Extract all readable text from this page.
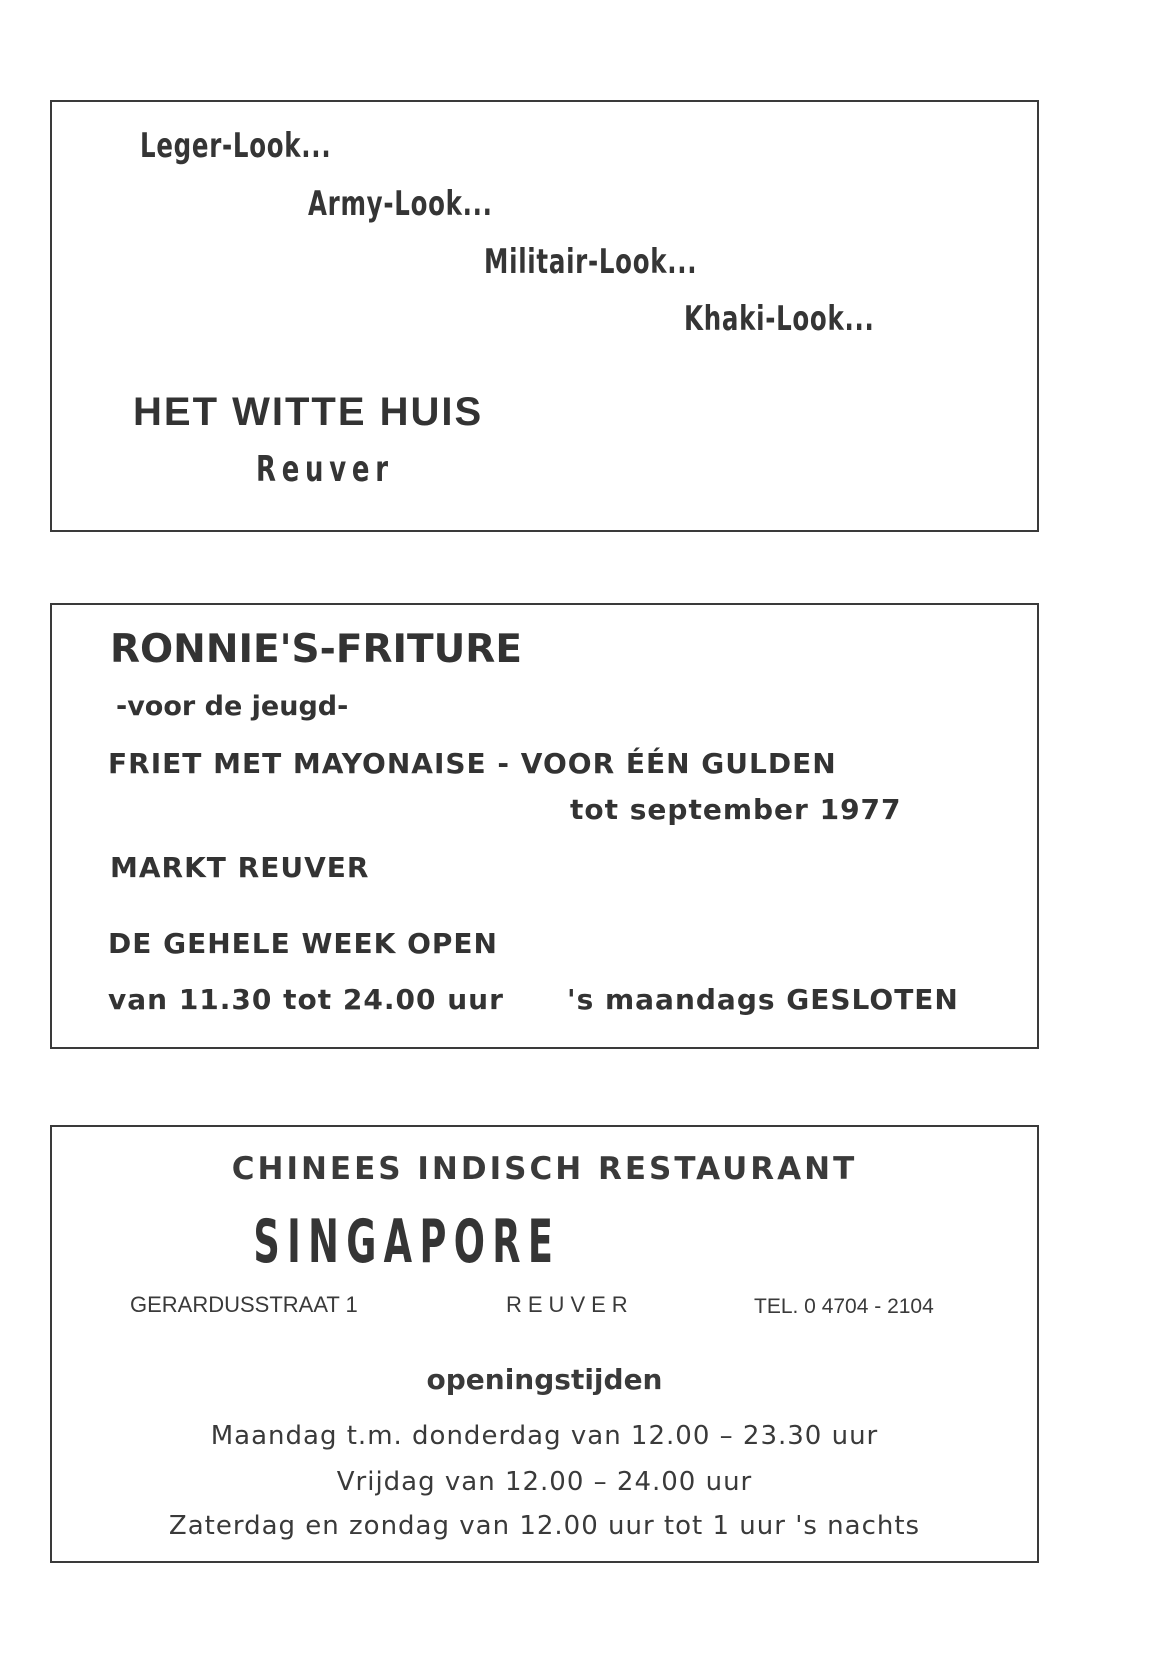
Leger-Look...
Army-Look...
Militair-Look...
Khaki-Look...
HET WITTE HUIS
Reuver
RONNIE'S-FRITURE
-voor de jeugd-
FRIET MET MAYONAISE - VOOR ÉÉN GULDEN
tot september 1977
MARKT REUVER
DE GEHELE WEEK OPEN
van 11.30 tot 24.00 uur 's maandags GESLOTEN
CHINEES INDISCH RESTAURANT
SINGAPORE
GERARDUSSTRAAT 1	REUVER	TEL. 0 4704 - 2104
openingstijden
Maandag t.m. donderdag van 12.00 – 23.30 uur
Vrijdag van 12.00 – 24.00 uur
Zaterdag en zondag van 12.00 uur tot 1 uur 's nachts
